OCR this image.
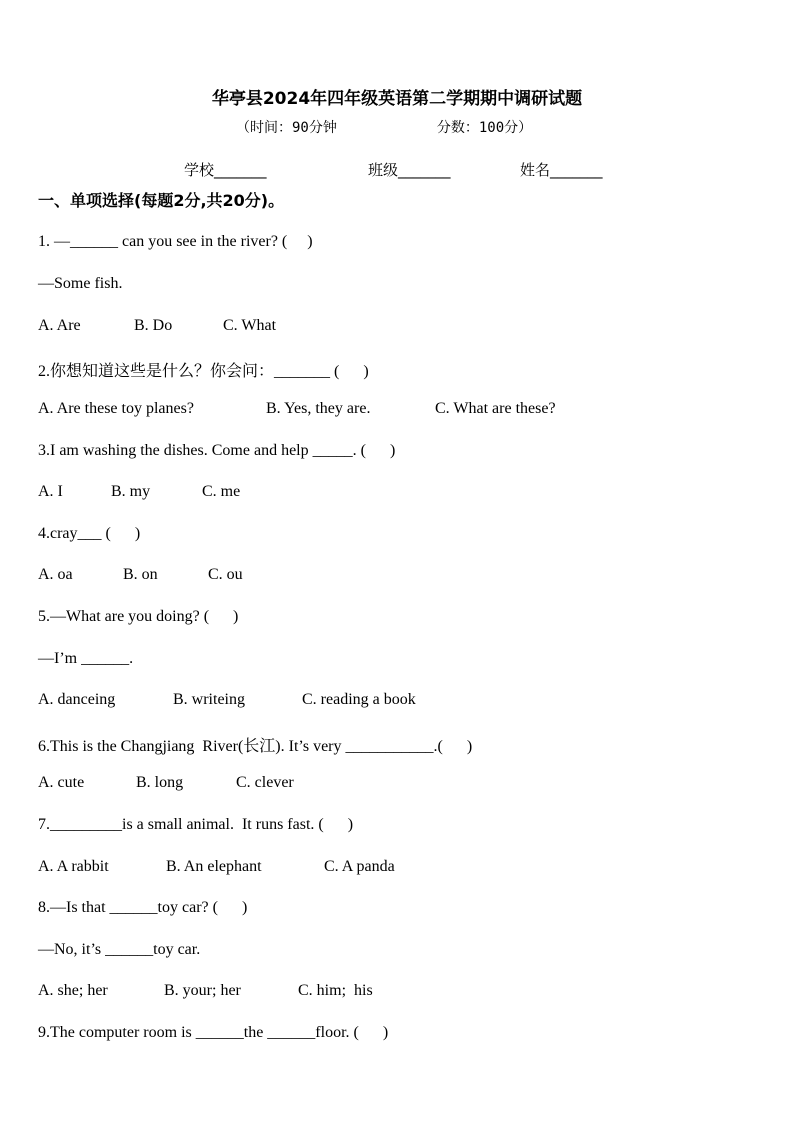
华亭县2024年四年级英语第二学期期中调研试题
（时间：90分钟	分数：100分）
学校_______	班级_______	姓名_______
一、单项选择(每题2分,共20分)。
1. —______ can you see in the river? (     )
—Some fish.
A. Are	B. Do	C. What
2.你想知道这些是什么？你会问：_______ (      )
A. Are these toy planes?	B. Yes, they are.	C. What are these?
3.I am washing the dishes. Come and help _____. (      )
A. I	B. my	C. me
4.cray___ (      )
A. oa	B. on	C. ou
5.—What are you doing? (      )
—I’m ______.
A. danceing	B. writeing	C. reading a book
6.This is the Changjiang  River(长江). It’s very ___________.(      )
A. cute	B. long	C. clever
7._________is a small animal.  It runs fast. (      )
A. A rabbit	B. An elephant	C. A panda
8.—Is that ______toy car? (      )
—No, it’s ______toy car.
A. she; her	B. your; her	C. him;  his
9.The computer room is ______the ______floor. (      )
